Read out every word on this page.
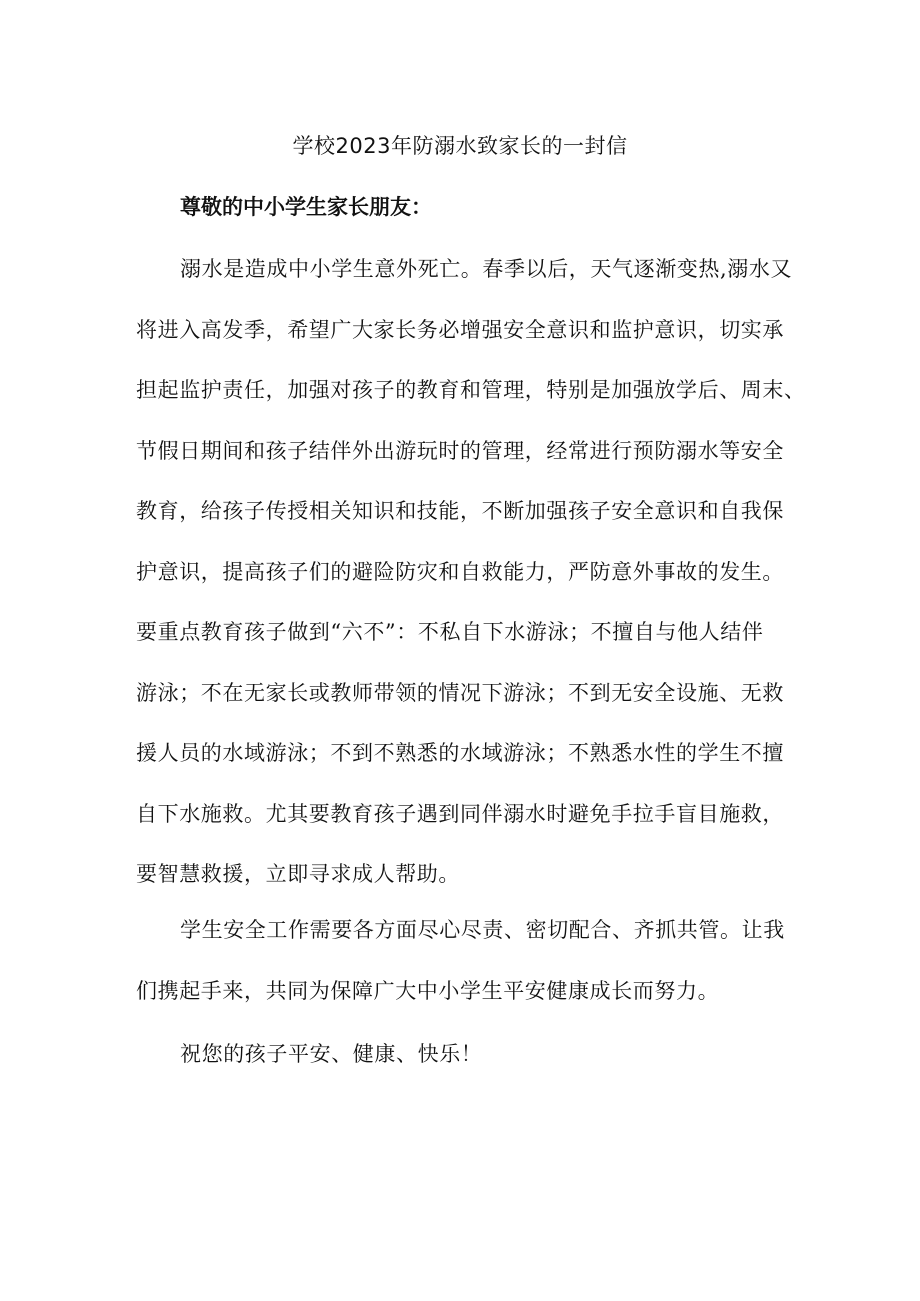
学校2023年防溺水致家长的一封信

尊敬的中小学生家长朋友：

溺水是造成中小学生意外死亡。春季以后，天气逐渐变热,溺水又
将进入高发季，希望广大家长务必增强安全意识和监护意识，切实承
担起监护责任，加强对孩子的教育和管理，特别是加强放学后、周末、
节假日期间和孩子结伴外出游玩时的管理，经常进行预防溺水等安全
教育，给孩子传授相关知识和技能，不断加强孩子安全意识和自我保
护意识，提高孩子们的避险防灾和自救能力，严防意外事故的发生。
要重点教育孩子做到“六不”：不私自下水游泳；不擅自与他人结伴
游泳；不在无家长或教师带领的情况下游泳；不到无安全设施、无救
援人员的水域游泳；不到不熟悉的水域游泳；不熟悉水性的学生不擅
自下水施救。尤其要教育孩子遇到同伴溺水时避免手拉手盲目施救，
要智慧救援，立即寻求成人帮助。
学生安全工作需要各方面尽心尽责、密切配合、齐抓共管。让我
们携起手来，共同为保障广大中小学生平安健康成长而努力。
祝您的孩子平安、健康、快乐！
